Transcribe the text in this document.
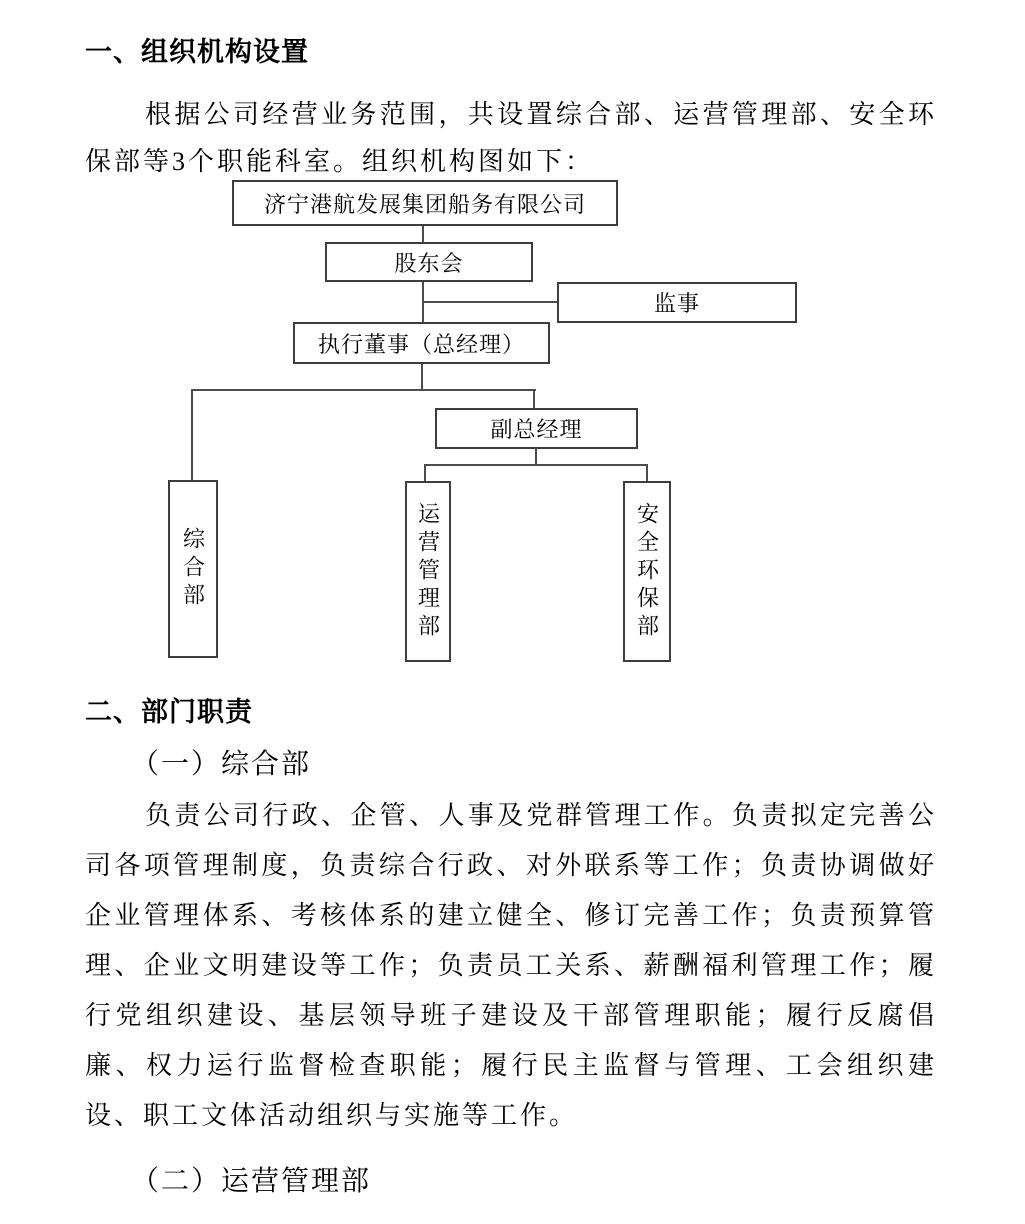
一、组织机构设置
根据公司经营业务范围，共设置综合部、运营管理部、安全环保部等3个职能科室。组织机构图如下：
济宁港航发展集团船务有限公司
股东会
监事
执行董事（总经理）
副总经理
综合部	运营管理部	安全环保部
二、部门职责
（一）综合部
负责公司行政、企管、人事及党群管理工作。负责拟定完善公司各项管理制度，负责综合行政、对外联系等工作；负责协调做好企业管理体系、考核体系的建立健全、修订完善工作；负责预算管理、企业文明建设等工作；负责员工关系、薪酬福利管理工作；履行党组织建设、基层领导班子建设及干部管理职能；履行反腐倡廉、权力运行监督检查职能；履行民主监督与管理、工会组织建设、职工文体活动组织与实施等工作。
（二）运营管理部
